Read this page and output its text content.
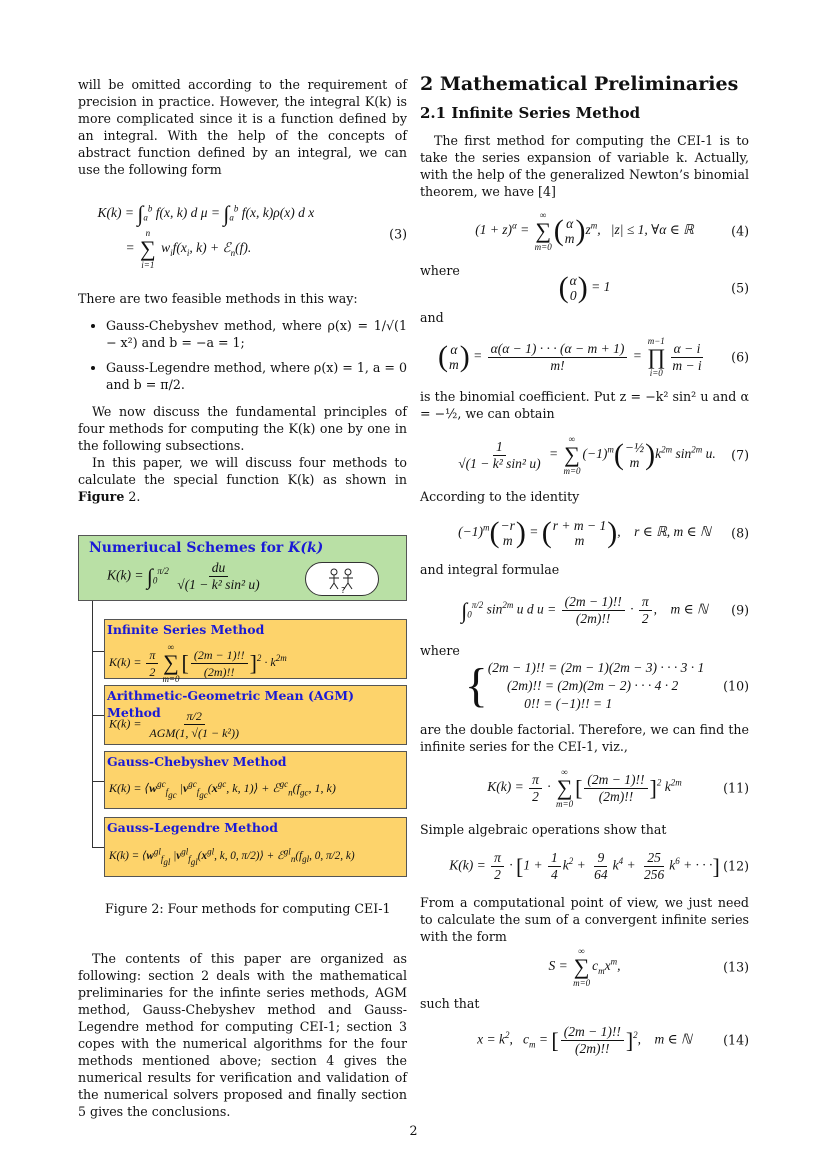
will be omitted according to the requirement of precision in practice. However, the integral K(k) is more complicated since it is a function defined by an integral. With the help of the concepts of abstract function defined by an integral, we can use the following form

$K(k) = \int_a^b$ f(x, k) d $\mu = \int_a^b$ f(x, k)ρ(x) d x
=
n
∑
i=1
$w_if(x_i$, k) + ℰ$_n$(f).
(3)

There are two feasible methods in this way:

• Gauss-Chebyshev method, where ρ(x) = 1/√(1 − x²) and b = −a = 1;
• Gauss-Legendre method, where ρ(x) = 1, a = 0 and b = π/2.

We now discuss the fundamental principles of four methods for computing the K(k) one by one in the following subsections.

In this paper, we will discuss four methods to calculate the special function K(k) as shown in Figure 2.

Numeriucal Schemes for K(k)
$K(k) = \int_0^{\pi/2} \frac{du}{\text{√(1 − k² sin² u)}}$	?
Infinite Series Method
$K(k) = \frac{\pi}{2}$ ∞
∑
m=0
[ $\frac{(2m - 1)!!}{(2m)!!} ]^2 \cdot k^{2m}$
Arithmetic-Geometric Mean (AGM) Method
$K(k) = \frac{\pi/2}{\text{AGM(1, √(1 − k²))}}$
Gauss-Chebyshev Method
$K(k) = ⟨w^{gc}_{f_{gc}}$ $|v^{gc}_{f_{gc}}(x^{gc}$, k, 1)⟩ + $ℰ^{gc}_n(f_{gc}$, 1, k)
Gauss-Legendre Method
$K(k) = ⟨w^{gl}_{f_{gl}}$ $|v^{gl}_{f_{gl}}(x^{gl}$, k, 0, π/2)⟩ + $ℰ^{gl}_n(f_{gl}$, 0, π/2, k)
Figure 2: Four methods for computing CEI-1

The contents of this paper are organized as following: section 2 deals with the mathematical preliminaries for the infinte series methods, AGM method, Gauss-Chebyshev method and Gauss-Legendre method for computing CEI-1; section 3 copes with the numerical algorithms for the four methods mentioned above; section 4 gives the numerical results for verification and validation of the numerical solvers proposed and finally section 5 gives the conclusions.

2 Mathematical Preliminaries
2.1 Infinite Series Method

The first method for computing the CEI-1 is to take the series expansion of variable k. Actually, with the help of the generalized Newton’s binomial theorem, we have [4]

$(1 + z)^\alpha$ =
∞
∑
m=0 ( α
m ) $z^m$,   |z| ≤ 1, ∀α ∈ ℝ	(4)

where

( α
0 ) = 1	(5)

and

( α
m ) = $\frac{\alpha(\alpha - 1) \cdot \cdot \cdot (\alpha - m + 1)}{m!}$ =
m−1
∏
$i=0 \frac{\alpha - i}{m - i} (6)$

is the binomial coefficient. Put z = −k² sin² u and α = −½, we can obtain

$\frac{1}{\text{√(1 − k² sin² u)}}$ =
∞
∑
m=0
$(-1)^m$ ( −½
m ) $k^{2m}$ $\sin^{2m} u$. (7)

According to the identity

$(-1)^m$ ( −r
m ) = ( r + m − 1
m ) ,    r ∈ ℝ, m ∈ ℕ (8)

and integral formulae

$\int_0^{\pi/2}$ $\sin^{2m} u$ d $u = \frac{(2m - 1)!!}{(2m)!!} \cdot \frac{\pi}{2}$ ,    m ∈ ℕ (9)

where

{ (2m − 1)!! = (2m − 1)(2m − 3) · · · 3 · 1
(2m)!! = (2m)(2m − 2) · · · 4 · 2
0!! = (−1)!! = 1
(10)

are the double factorial. Therefore, we can find the infinite series for the CEI-1, viz.,

$K(k) = \frac{\pi}{2}$ ·
∞
∑
m=0
[ $\frac{(2m - 1)!!}{(2m)!!} ]^2$ $k^{2m}$	(11)

Simple algebraic operations show that

$K(k) = \frac{\pi}{2} \cdot [1 + \frac{1}{4} k^2 + \frac{9}{64} k^4 + \frac{25}{256} k^6$ + · · ·] (12)

From a computational point of view, we just need to calculate the sum of a convergent infinite series with the form

S =
∞
∑
m=0
$c_mx^m$,	(13)

such that

$x = k^2$,   $c_m$ = [ $\frac{(2m - 1)!!}{(2m)!!} ]^2$,    m ∈ ℕ (14)
2
